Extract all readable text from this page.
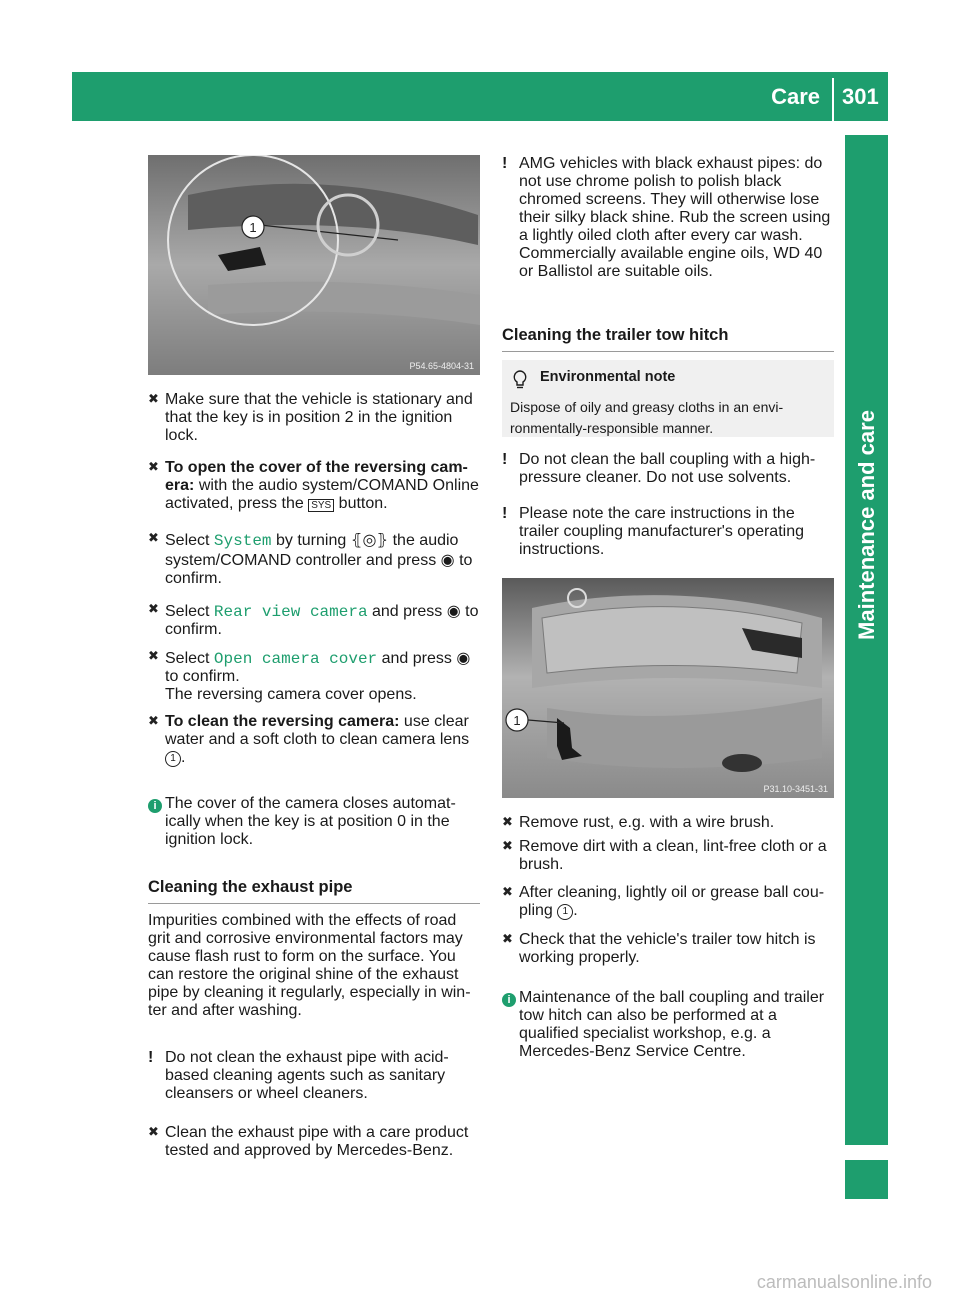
Care 301
Maintenance and care
1
P54.65-4804-31
✖ Make sure that the vehicle is stationary and that the key is in position 2 in the ignition lock.
✖ To open the cover of the reversing cam-era: with the audio system/COMAND Online activated, press the SYS button.
✖ Select System by turning ⦃◎⦄ the audio system/COMAND controller and press ◉ to confirm.
✖ Select Rear view camera and press ◉ to confirm.
✖ Select Open camera cover and press ◉ to confirm.
The reversing camera cover opens.
✖ To clean the reversing camera: use clear water and a soft cloth to clean camera lens 1 .
i The cover of the camera closes automat-ically when the key is at position 0 in the ignition lock.
Cleaning the exhaust pipe
Impurities combined with the effects of road grit and corrosive environmental factors may cause flash rust to form on the surface. You can restore the original shine of the exhaust pipe by cleaning it regularly, especially in win-ter and after washing.
! Do not clean the exhaust pipe with acid-based cleaning agents such as sanitary cleansers or wheel cleaners.
✖ Clean the exhaust pipe with a care product tested and approved by Mercedes-Benz.
! AMG vehicles with black exhaust pipes: do not use chrome polish to polish black chromed screens. They will otherwise lose their silky black shine. Rub the screen using a lightly oiled cloth after every car wash. Commercially available engine oils, WD 40 or Ballistol are suitable oils.
Cleaning the trailer tow hitch
Environmental note
Dispose of oily and greasy cloths in an envi-ronmentally-responsible manner.
! Do not clean the ball coupling with a high-pressure cleaner. Do not use solvents.
! Please note the care instructions in the trailer coupling manufacturer's operating instructions.
1
P31.10-3451-31
✖ Remove rust, e.g. with a wire brush.
✖ Remove dirt with a clean, lint-free cloth or a brush.
✖ After cleaning, lightly oil or grease ball cou-pling 1 .
✖ Check that the vehicle's trailer tow hitch is working properly.
i Maintenance of the ball coupling and trailer tow hitch can also be performed at a qualified specialist workshop, e.g. a Mercedes-Benz Service Centre.
carmanualsonline.info
